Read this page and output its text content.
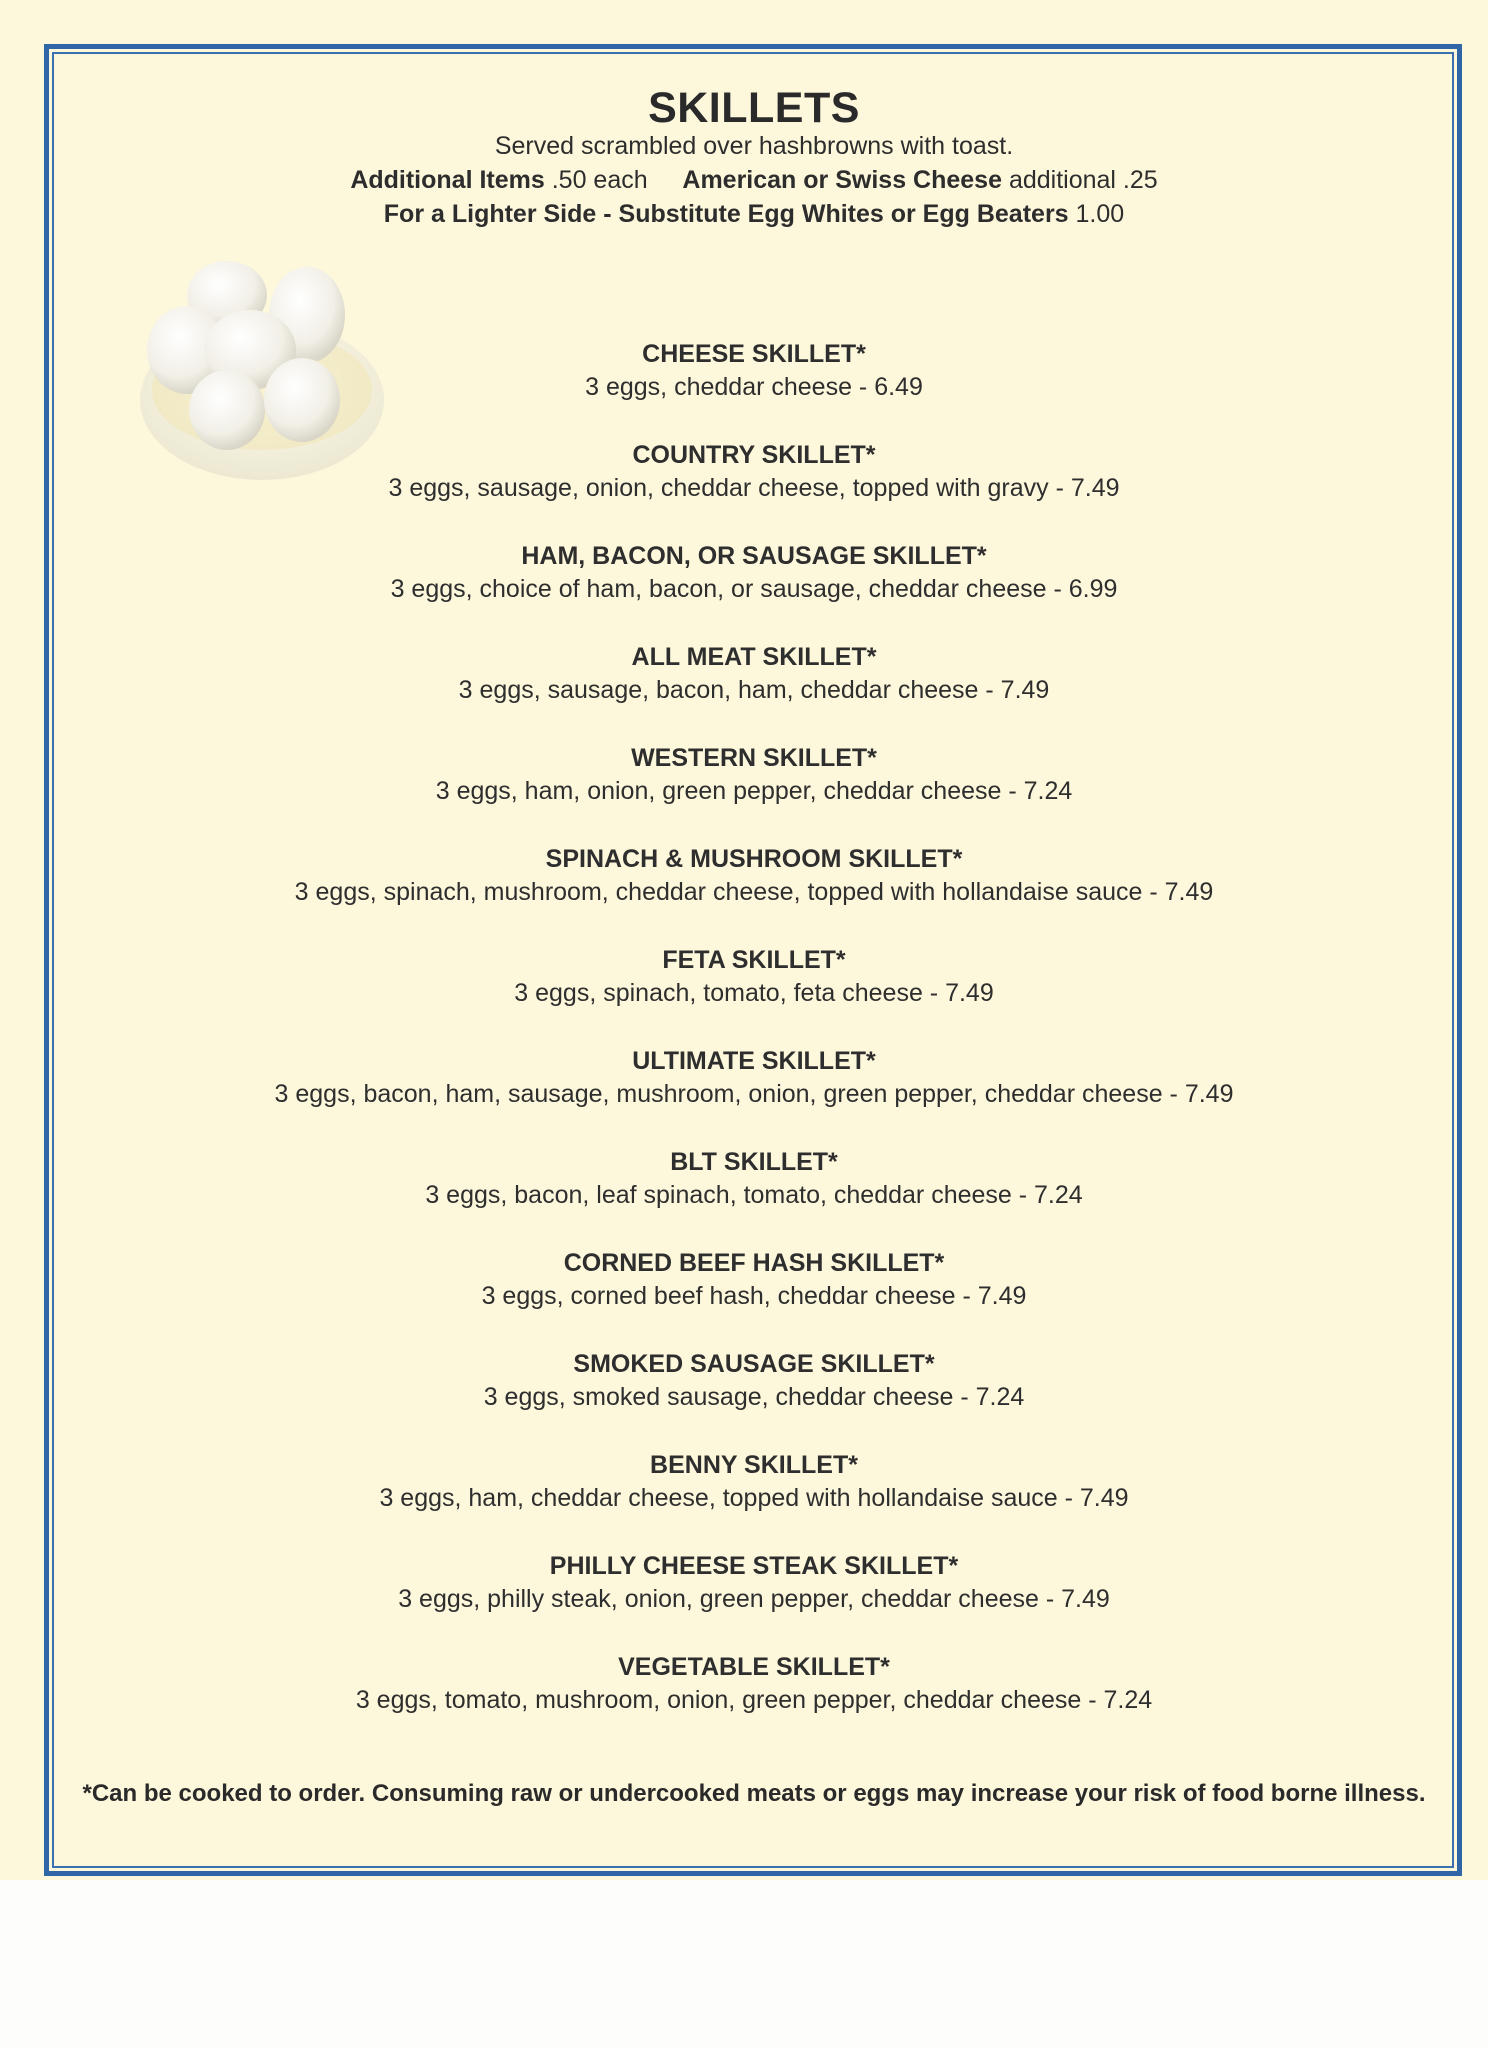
SKILLETS
Served scrambled over hashbrowns with toast.
Additional Items .50 each American or Swiss Cheese additional .25
For a Lighter Side - Substitute Egg Whites or Egg Beaters 1.00
CHEESE SKILLET*
3 eggs, cheddar cheese - 6.49
COUNTRY SKILLET*
3 eggs, sausage, onion, cheddar cheese, topped with gravy - 7.49
HAM, BACON, OR SAUSAGE SKILLET*
3 eggs, choice of ham, bacon, or sausage, cheddar cheese - 6.99
ALL MEAT SKILLET*
3 eggs, sausage, bacon, ham, cheddar cheese - 7.49
WESTERN SKILLET*
3 eggs, ham, onion, green pepper, cheddar cheese - 7.24
SPINACH & MUSHROOM SKILLET*
3 eggs, spinach, mushroom, cheddar cheese, topped with hollandaise sauce - 7.49
FETA SKILLET*
3 eggs, spinach, tomato, feta cheese - 7.49
ULTIMATE SKILLET*
3 eggs, bacon, ham, sausage, mushroom, onion, green pepper, cheddar cheese - 7.49
BLT SKILLET*
3 eggs, bacon, leaf spinach, tomato, cheddar cheese - 7.24
CORNED BEEF HASH SKILLET*
3 eggs, corned beef hash, cheddar cheese - 7.49
SMOKED SAUSAGE SKILLET*
3 eggs, smoked sausage, cheddar cheese - 7.24
BENNY SKILLET*
3 eggs, ham, cheddar cheese, topped with hollandaise sauce - 7.49
PHILLY CHEESE STEAK SKILLET*
3 eggs, philly steak, onion, green pepper, cheddar cheese - 7.49
VEGETABLE SKILLET*
3 eggs, tomato, mushroom, onion, green pepper, cheddar cheese - 7.24
*Can be cooked to order. Consuming raw or undercooked meats or eggs may increase your risk of food borne illness.
